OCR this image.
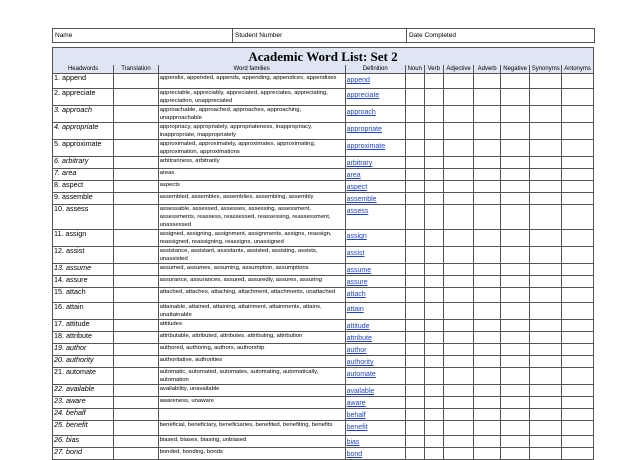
Name	Student Number	Date Completed
Academic Word List: Set 2										
Headwords	Translation	Word families	Definition	Noun	Verb	Adjective	Adverb	Negative	Synonyms	Antonyms
1. append		appendix, appended, appends, appending, appendices, appendixes	append							
2. appreciate		appreciable, appreciably, appreciated, appreciates, appreciating, appreciation, unappreciated	appreciate							
3. approach		approachable, approached, approaches, approaching, unapproachable	approach							
4. appropriate		appropriacy, appropriately, appropriateness, inappropriacy, inappropriate, inappropriately	appropriate							
5. approximate		approximated, approximately, approximates, approximating, approximation, approximations	approximate							
6. arbitrary		arbitrariness, arbitrarily	arbitrary							
7. area		areas	area							
8. aspect		aspects	aspect							
9. assemble		assembled, assembles, assemblies, assembling, assembly	assemble							
10. assess		assessable, assessed, assesses, assessing, assessment, assessments, reassess, reassessed, reassessing, reassessment, unassessed	assess							
11. assign		assigned, assigning, assignment, assignments, assigns, reassign, reassigned, reassigning, reassigns, unassigned	assign							
12. assist		assistance, assistant, assistants, assisted, assisting, assists, unassisted	assist							
13. assume		assumed, assumes, assuming, assumption, assumptions	assume							
14. assure		assurance, assurances, assured, assuredly, assures, assuring	assure							
15. attach		attached, attaches, attaching, attachment, attachments, unattached	attach							
16. attain		attainable, attained, attaining, attainment, attainments, attains, unattainable	attain							
17. attitude		attitudes	attitude							
18. attribute		attributable, attributed, attributes, attributing, attribution	attribute							
19. author		authored, authoring, authors, authorship	author							
20. authority		authoritative, authorities	authority							
21. automate		automatic, automated, automates, automating, automatically, automation	automate							
22. available		availability, unavailable	available							
23. aware		awareness, unaware	aware							
24. behalf			behalf							
25. benefit		beneficial, beneficiary, beneficiaries, benefited, benefiting, benefits	benefit							
26. bias		biased, biases, biasing, unbiased	bias							
27. bond		bonded, bonding, bonds	bond							
